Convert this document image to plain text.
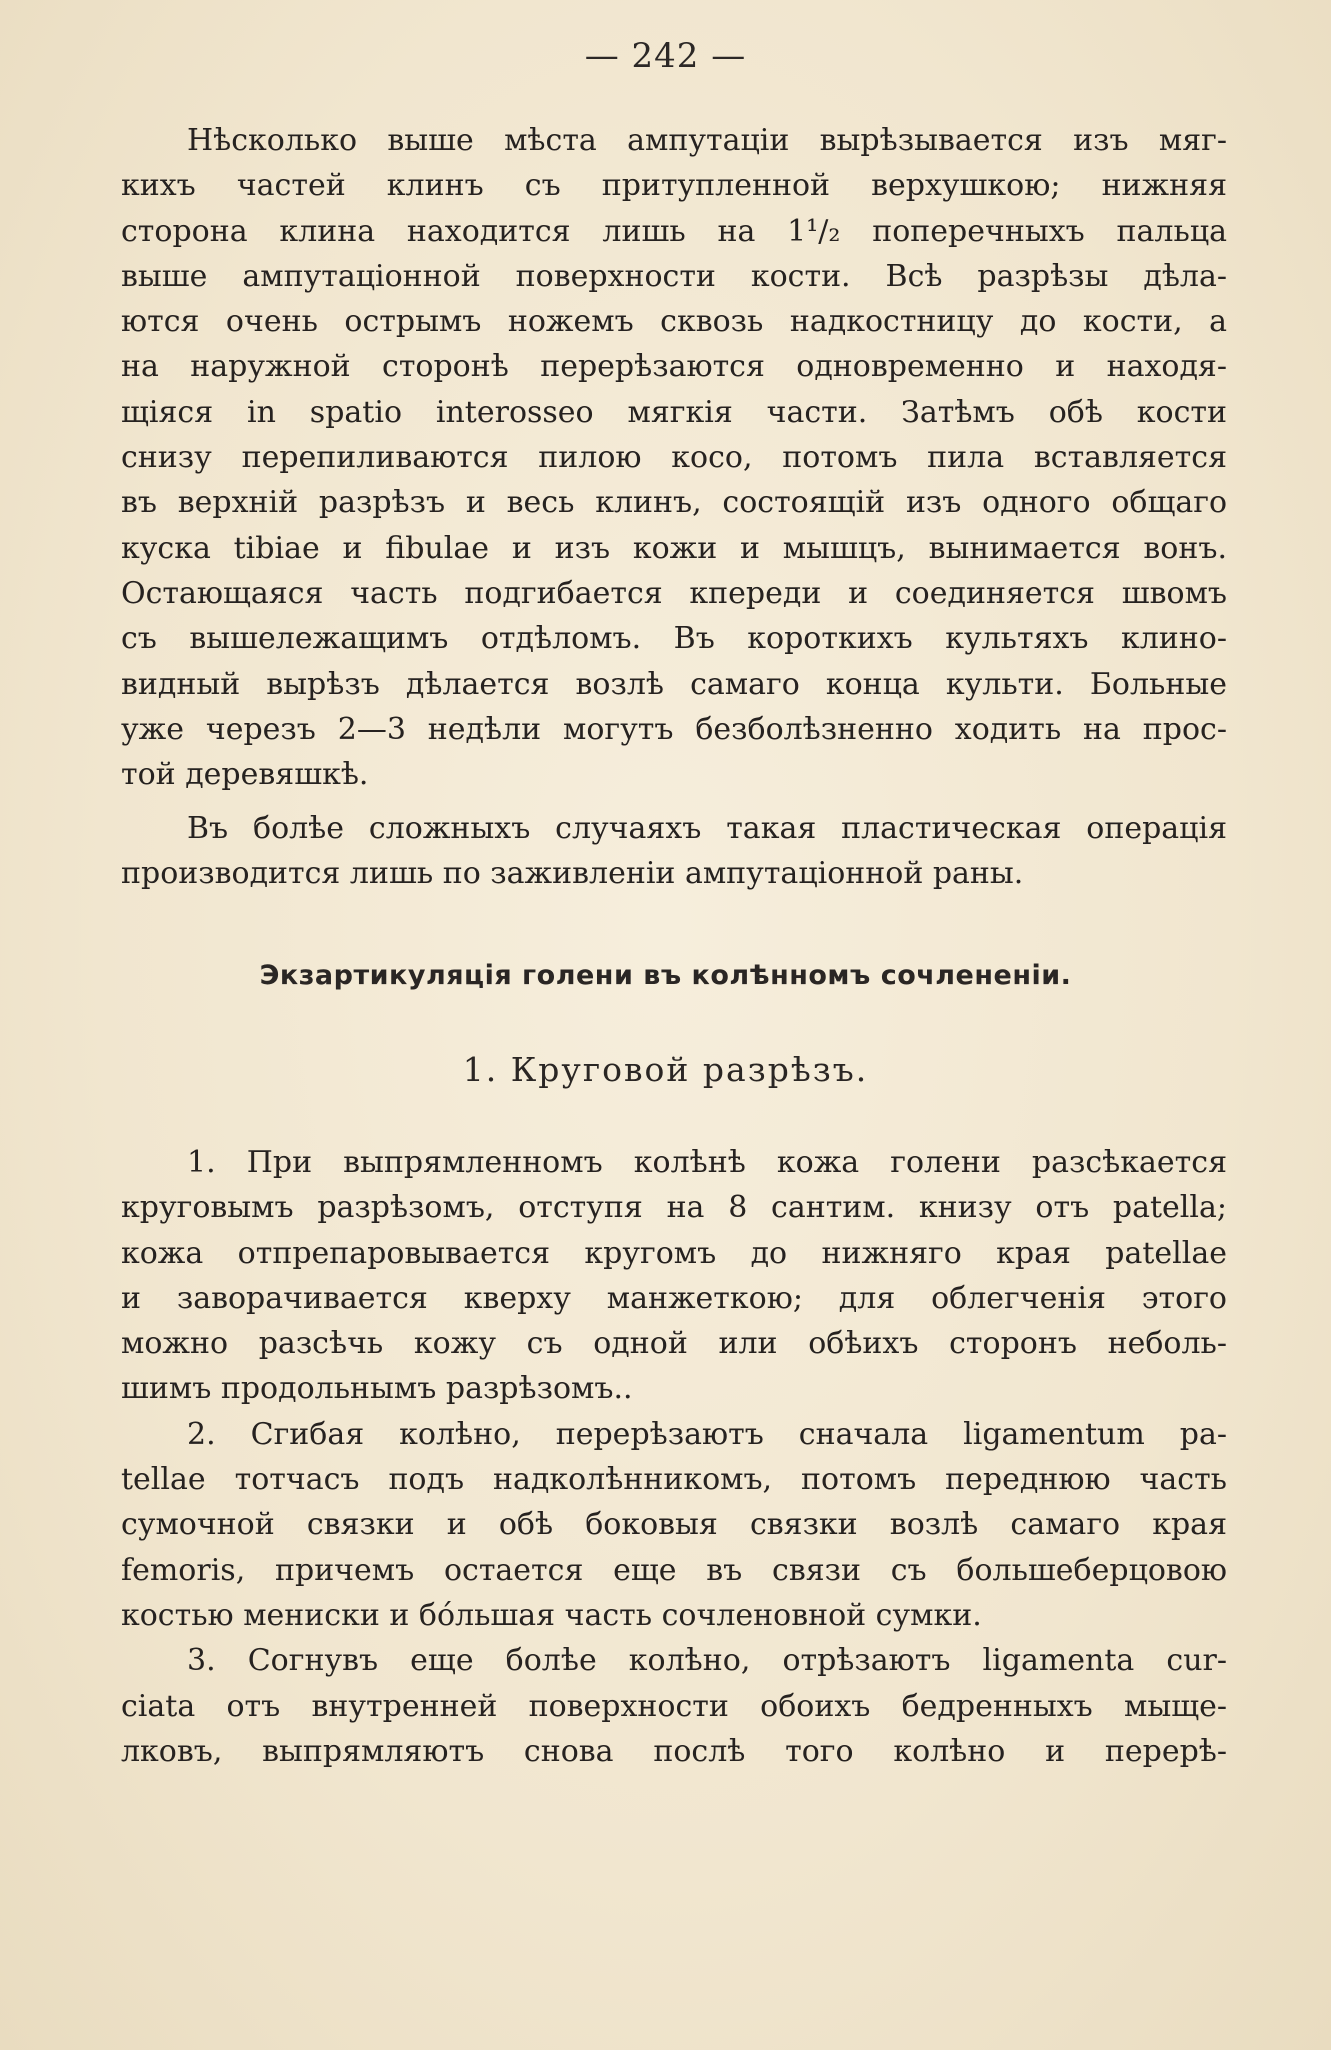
— 242 —
Нѣсколько выше мѣста ампутацiи вырѣзывается изъ мяг-
кихъ частей клинъ съ притупленной верхушкою; нижняя
сторона клина находится лишь на 1¹/₂ поперечныхъ пальца
выше ампутацiонной поверхности кости. Всѣ разрѣзы дѣла-
ются очень острымъ ножемъ сквозь надкостницу до кости, а
на наружной сторонѣ перерѣзаются одновременно и находя-
щiяся in spatio interosseo мягкiя части. Затѣмъ обѣ кости
снизу перепиливаются пилою косо, потомъ пила вставляется
въ верхнiй разрѣзъ и весь клинъ, состоящiй изъ одного общаго
куска tibiae и fibulae и изъ кожи и мышцъ, вынимается вонъ.
Остающаяся часть подгибается кпереди и соединяется швомъ
съ вышележащимъ отдѣломъ. Въ короткихъ культяхъ клино-
видный вырѣзъ дѣлается возлѣ самаго конца культи. Больные
уже черезъ 2—3 недѣли могутъ безболѣзненно ходить на прос-
той деревяшкѣ.
Въ болѣе сложныхъ случаяхъ такая пластическая операцiя
производится лишь по заживленiи ампутацiонной раны.
Экзартикуляцiя голени въ колѣнномъ сочлененiи.
1. Круговой разрѣзъ.
1. При выпрямленномъ колѣнѣ кожа голени разсѣкается
круговымъ разрѣзомъ, отступя на 8 сантим. книзу отъ patella;
кожа отпрепаровывается кругомъ до нижняго края patellae
и заворачивается кверху манжеткою; для облегченiя этого
можно разсѣчь кожу съ одной или обѣихъ сторонъ неболь-
шимъ продольнымъ разрѣзомъ..
2. Сгибая колѣно, перерѣзаютъ сначала ligamentum pa-
tellae тотчасъ подъ надколѣнникомъ, потомъ переднюю часть
сумочной связки и обѣ боковыя связки возлѣ самаго края
femoris, причемъ остается еще въ связи съ большеберцовою
костью мениски и бóльшая часть сочленовной сумки.
3. Согнувъ еще болѣе колѣно, отрѣзаютъ ligamenta cur-
ciata отъ внутренней поверхности обоихъ бедренныхъ мыще-
лковъ, выпрямляютъ снова послѣ того колѣно и перерѣ-
